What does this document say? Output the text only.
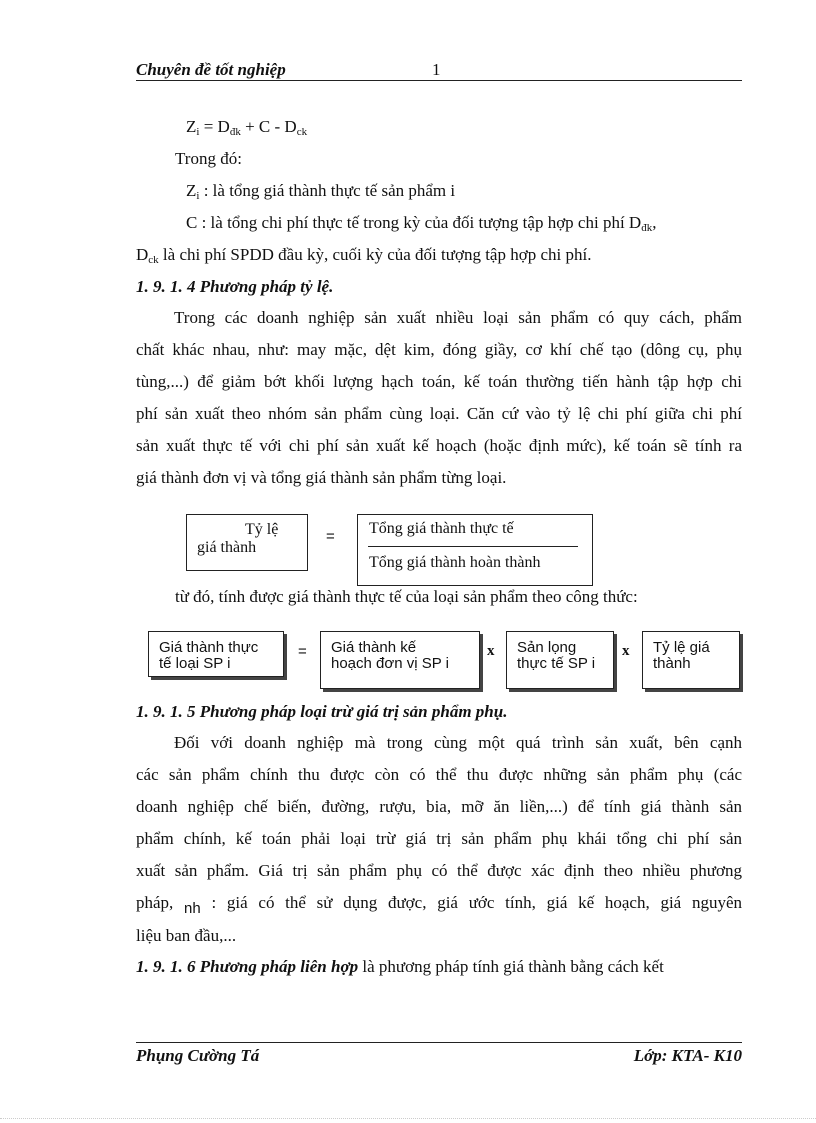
Chuyên đề tốt nghiệp	1
$Z_i = D_{đk} + C - D_{ck}$
Trong đó:
$Z_i$ : là tổng giá thành thực tế sản phẩm i
C : là tổng chi phí thực tế trong kỳ của đối tượng tập hợp chi phí $D_{đk}$,
$D_{ck}$ là chi phí SPDD đầu kỳ, cuối kỳ của đối tượng tập hợp chi phí.
1. 9. 1. 4 Phương pháp tỷ lệ.
Trong các doanh nghiệp sản xuất nhiều loại sản phẩm có quy cách, phẩm
chất khác nhau, như: may mặc, dệt kim, đóng giầy, cơ khí chế tạo (dông cụ, phụ
tùng,...) để giảm bớt khối lượng hạch toán, kế toán thường tiến hành tập hợp chi
phí sản xuất theo nhóm sản phẩm cùng loại. Căn cứ vào tỷ lệ chi phí giữa chi phí
sản xuất thực tế với chi phí sản xuất kế hoạch (hoặc định mức), kế toán sẽ tính ra
giá thành đơn vị và tổng giá thành sản phẩm từng loại.
Tỷ lệ
giá thành
= Tổng giá thành thực tế
Tổng giá thành hoàn thành
từ đó, tính được giá thành thực tế của loại sản phẩm theo công thức:
Giá thành thực
tế loại SP i
= Giá thành kế
hoạch đơn vị SP i
x Sản lọng
thực tế SP i
x Tỷ lệ giá
thành
1. 9. 1. 5 Phương pháp loại trừ giá trị sản phẩm phụ.
Đối với doanh nghiệp mà trong cùng một quá trình sản xuất, bên cạnh
các sản phẩm chính thu được còn có thể thu được những sản phẩm phụ (các
doanh nghiệp chế biến, đường, rượu, bia, mỡ ăn liền,...) để tính giá thành sản
phẩm chính, kế toán phải loại trừ giá trị sản phẩm phụ khái tổng chi phí sản
xuất sản phẩm. Giá trị sản phẩm phụ có thể được xác định theo nhiều phương
pháp, nh : giá có thể sử dụng được, giá ước tính, giá kế hoạch, giá nguyên
liệu ban đầu,...
1. 9. 1. 6 Phương pháp liên hợp là phương pháp tính giá thành bằng cách kết
Phụng Cường Tá	Lớp: KTA- K10
